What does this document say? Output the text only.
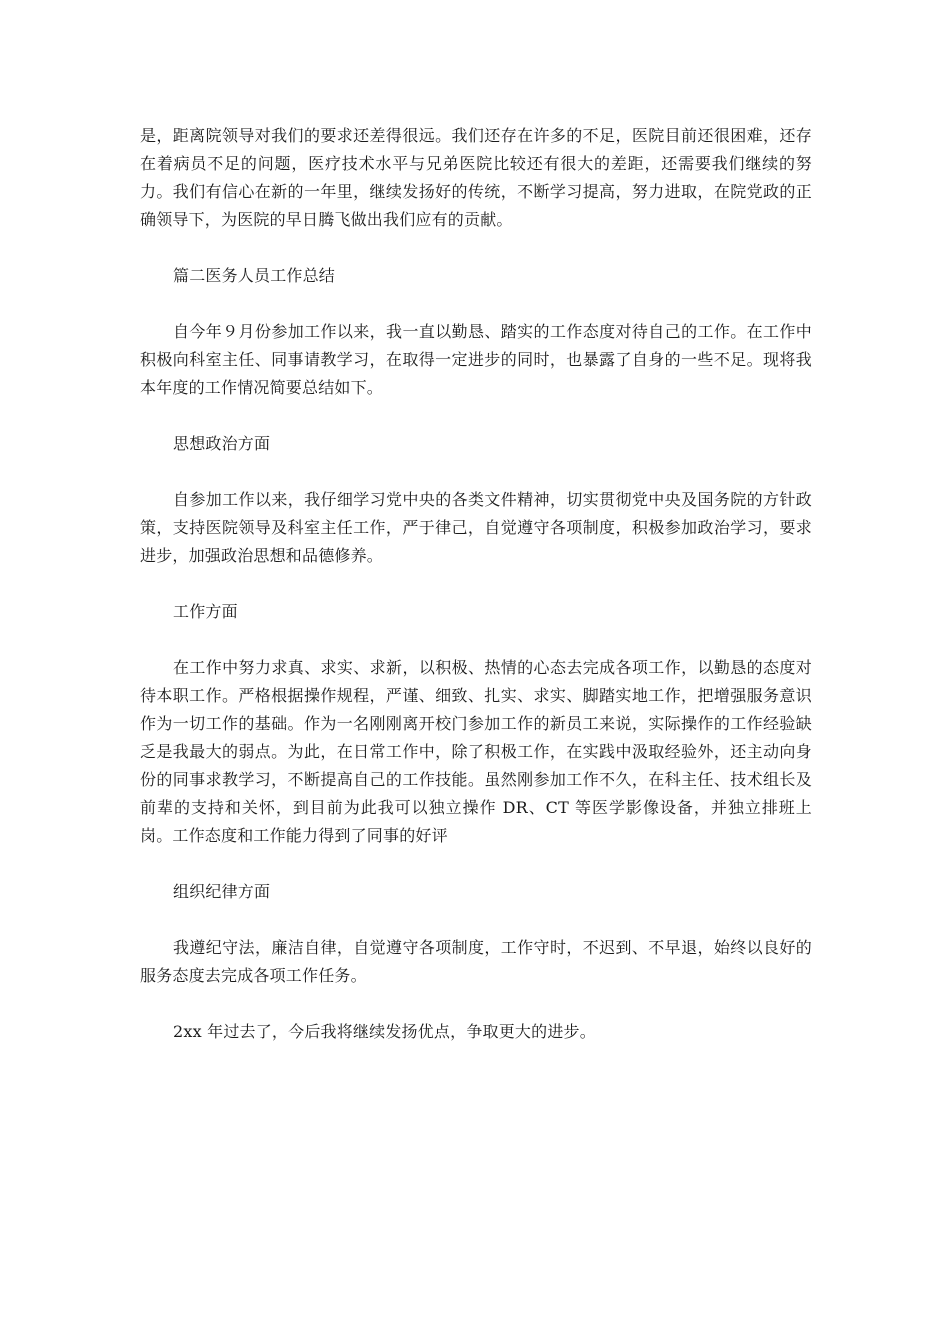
是，距离院领导对我们的要求还差得很远。我们还存在许多的不足，医院目前还很困难，还存在着病员不足的问题，医疗技术水平与兄弟医院比较还有很大的差距，还需要我们继续的努力。我们有信心在新的一年里，继续发扬好的传统，不断学习提高，努力进取，在院党政的正确领导下，为医院的早日腾飞做出我们应有的贡献。

篇二医务人员工作总结

自今年９月份参加工作以来，我一直以勤恳、踏实的工作态度对待自己的工作。在工作中积极向科室主任、同事请教学习，在取得一定进步的同时，也暴露了自身的一些不足。现将我本年度的工作情况简要总结如下。

思想政治方面

自参加工作以来，我仔细学习党中央的各类文件精神，切实贯彻党中央及国务院的方针政策，支持医院领导及科室主任工作，严于律己，自觉遵守各项制度，积极参加政治学习，要求进步，加强政治思想和品德修养。

工作方面

在工作中努力求真、求实、求新，以积极、热情的心态去完成各项工作，以勤恳的态度对待本职工作。严格根据操作规程，严谨、细致、扎实、求实、脚踏实地工作，把增强服务意识作为一切工作的基础。作为一名刚刚离开校门参加工作的新员工来说，实际操作的工作经验缺乏是我最大的弱点。为此，在日常工作中，除了积极工作，在实践中汲取经验外，还主动向身份的同事求教学习，不断提高自己的工作技能。虽然刚参加工作不久，在科主任、技术组长及前辈的支持和关怀，到目前为此我可以独立操作 DR、CT 等医学影像设备，并独立排班上岗。工作态度和工作能力得到了同事的好评

组织纪律方面

我遵纪守法，廉洁自律，自觉遵守各项制度，工作守时，不迟到、不早退，始终以良好的服务态度去完成各项工作任务。

2xx 年过去了，今后我将继续发扬优点，争取更大的进步。
